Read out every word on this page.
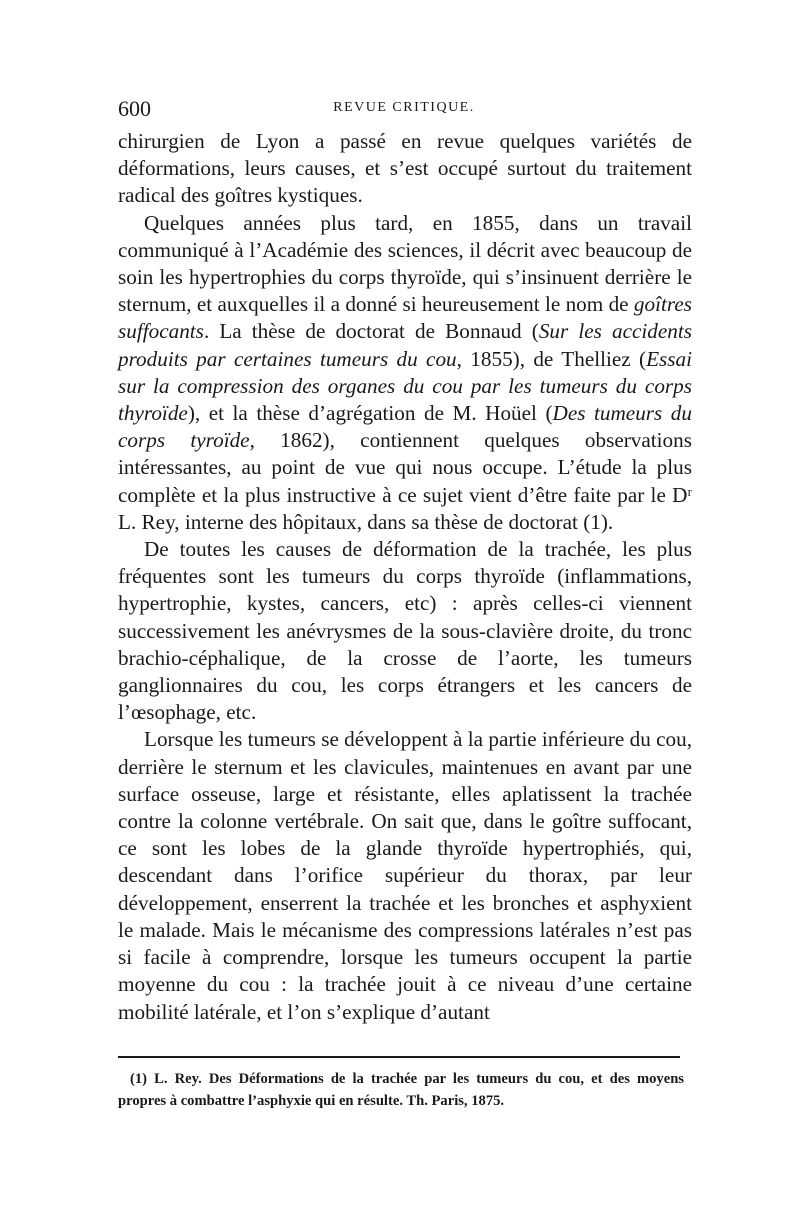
600	REVUE CRITIQUE.

chirurgien de Lyon a passé en revue quelques variétés de déformations, leurs causes, et s’est occupé surtout du traitement radical des goîtres kystiques.

Quelques années plus tard, en 1855, dans un travail communiqué à l’Académie des sciences, il décrit avec beaucoup de soin les hypertrophies du corps thyroïde, qui s’insinuent derrière le sternum, et auxquelles il a donné si heureusement le nom de goîtres suffocants. La thèse de doctorat de Bonnaud (Sur les accidents produits par certaines tumeurs du cou, 1855), de Thelliez (Essai sur la compression des organes du cou par les tumeurs du corps thyroïde), et la thèse d’agrégation de M. Hoüel (Des tumeurs du corps tyroïde, 1862), contiennent quelques observations intéressantes, au point de vue qui nous occupe. L’étude la plus complète et la plus instructive à ce sujet vient d’être faite par le Dʳ L. Rey, interne des hôpitaux, dans sa thèse de doctorat (1).

De toutes les causes de déformation de la trachée, les plus fréquentes sont les tumeurs du corps thyroïde (inflammations, hypertrophie, kystes, cancers, etc) : après celles-ci viennent successivement les anévrysmes de la sous-clavière droite, du tronc brachio-céphalique, de la crosse de l’aorte, les tumeurs ganglionnaires du cou, les corps étrangers et les cancers de l’œsophage, etc.

Lorsque les tumeurs se développent à la partie inférieure du cou, derrière le sternum et les clavicules, maintenues en avant par une surface osseuse, large et résistante, elles aplatissent la trachée contre la colonne vertébrale. On sait que, dans le goître suffocant, ce sont les lobes de la glande thyroïde hypertrophiés, qui, descendant dans l’orifice supérieur du thorax, par leur développement, enserrent la trachée et les bronches et asphyxient le malade. Mais le mécanisme des compressions latérales n’est pas si facile à comprendre, lorsque les tumeurs occupent la partie moyenne du cou : la trachée jouit à ce niveau d’une certaine mobilité latérale, et l’on s’explique d’autant

(1) L. Rey. Des Déformations de la trachée par les tumeurs du cou, et des moyens propres à combattre l’asphyxie qui en résulte. Th. Paris, 1875.
